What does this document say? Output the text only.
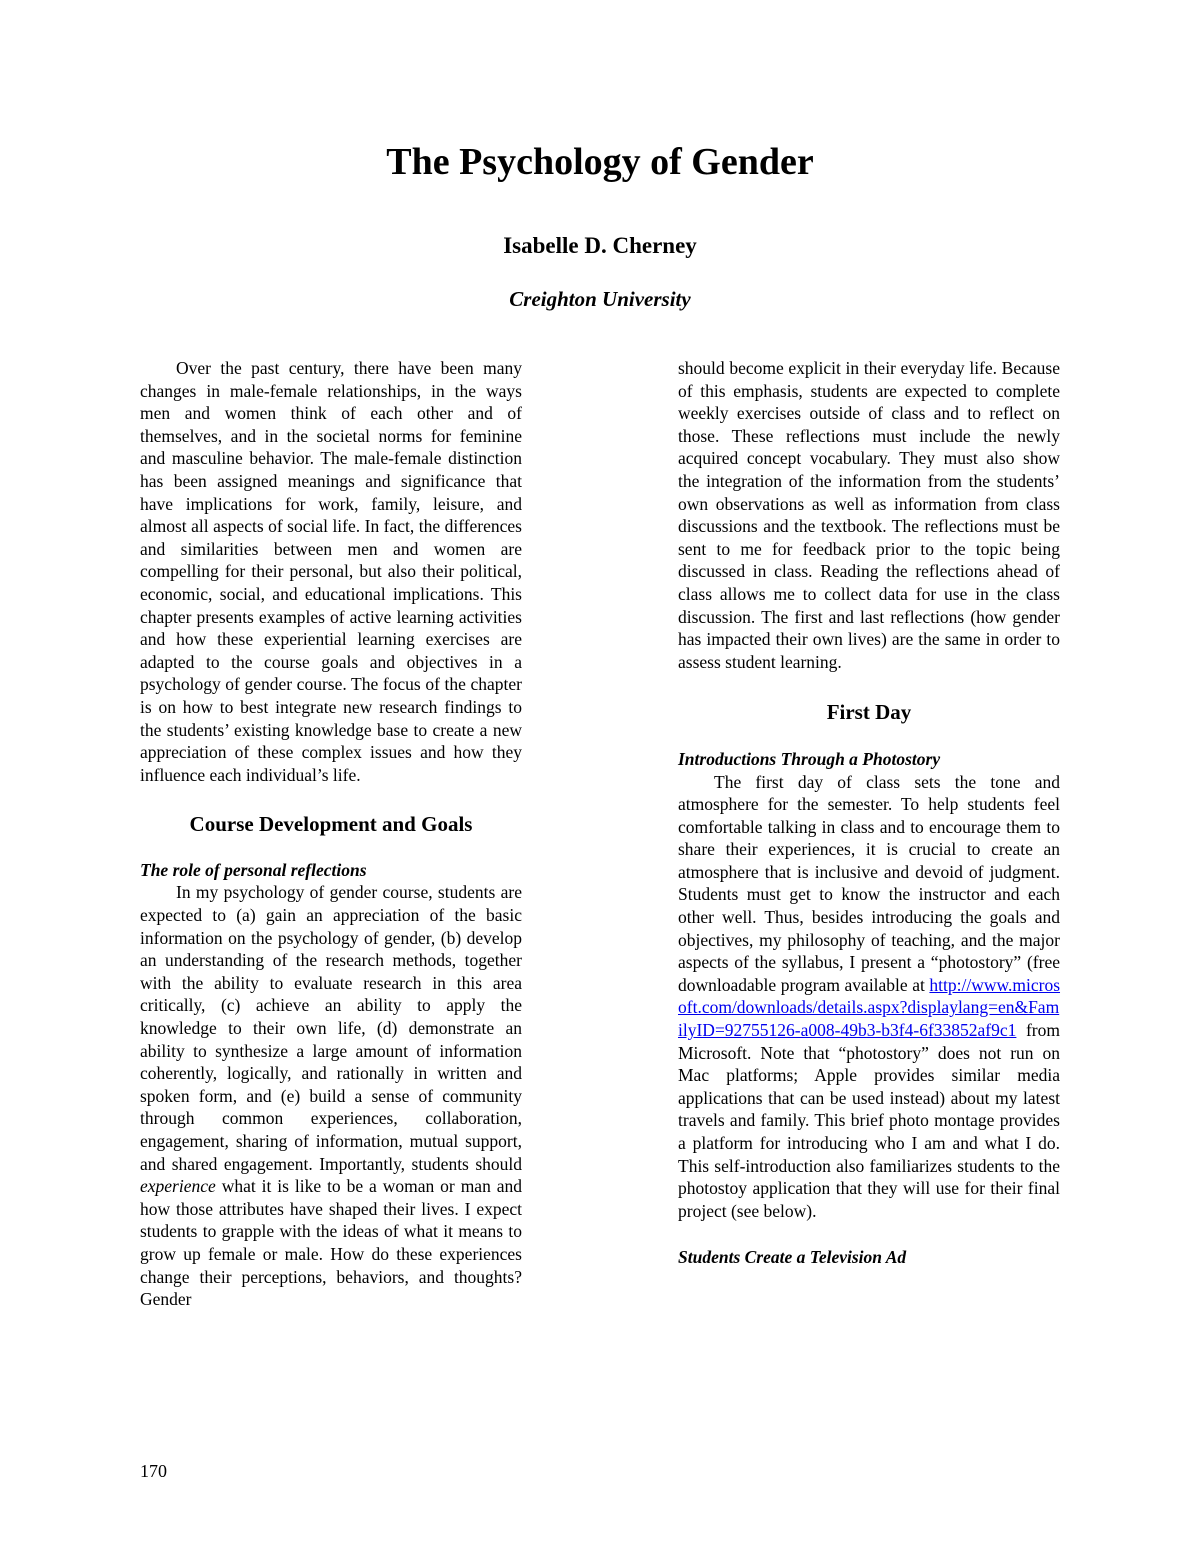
The Psychology of Gender

Isabelle D. Cherney

Creighton University

Over the past century, there have been many changes in male-female relationships, in the ways men and women think of each other and of themselves, and in the societal norms for feminine and masculine behavior. The male-female distinction has been assigned meanings and significance that have implications for work, family, leisure, and almost all aspects of social life. In fact, the differences and similarities between men and women are compelling for their personal, but also their political, economic, social, and educational implications. This chapter presents examples of active learning activities and how these experiential learning exercises are adapted to the course goals and objectives in a psychology of gender course. The focus of the chapter is on how to best integrate new research findings to the students’ existing knowledge base to create a new appreciation of these complex issues and how they influence each individual’s life.

Course Development and Goals

The role of personal reflections

In my psychology of gender course, students are expected to (a) gain an appreciation of the basic information on the psychology of gender, (b) develop an understanding of the research methods, together with the ability to evaluate research in this area critically, (c) achieve an ability to apply the knowledge to their own life, (d) demonstrate an ability to synthesize a large amount of information coherently, logically, and rationally in written and spoken form, and (e) build a sense of community through common experiences, collaboration, engagement, sharing of information, mutual support, and shared engagement. Importantly, students should experience what it is like to be a woman or man and how those attributes have shaped their lives. I expect students to grapple with the ideas of what it means to grow up female or male. How do these experiences change their perceptions, behaviors, and thoughts? Gender

should become explicit in their everyday life. Because of this emphasis, students are expected to complete weekly exercises outside of class and to reflect on those. These reflections must include the newly acquired concept vocabulary. They must also show the integration of the information from the students’ own observations as well as information from class discussions and the textbook. The reflections must be sent to me for feedback prior to the topic being discussed in class. Reading the reflections ahead of class allows me to collect data for use in the class discussion. The first and last reflections (how gender has impacted their own lives) are the same in order to assess student learning.

First Day

Introductions Through a Photostory

The first day of class sets the tone and atmosphere for the semester. To help students feel comfortable talking in class and to encourage them to share their experiences, it is crucial to create an atmosphere that is inclusive and devoid of judgment. Students must get to know the instructor and each other well. Thus, besides introducing the goals and objectives, my philosophy of teaching, and the major aspects of the syllabus, I present a “photostory” (free downloadable program available at http://www.microsoft.com/downloads/details.aspx?displaylang=en&FamilyID=92755126-a008-49b3-b3f4-6f33852af9c1 from Microsoft. Note that “photostory” does not run on Mac platforms; Apple provides similar media applications that can be used instead) about my latest travels and family. This brief photo montage provides a platform for introducing who I am and what I do. This self-introduction also familiarizes students to the photostoy application that they will use for their final project (see below).

Students Create a Television Ad

170
